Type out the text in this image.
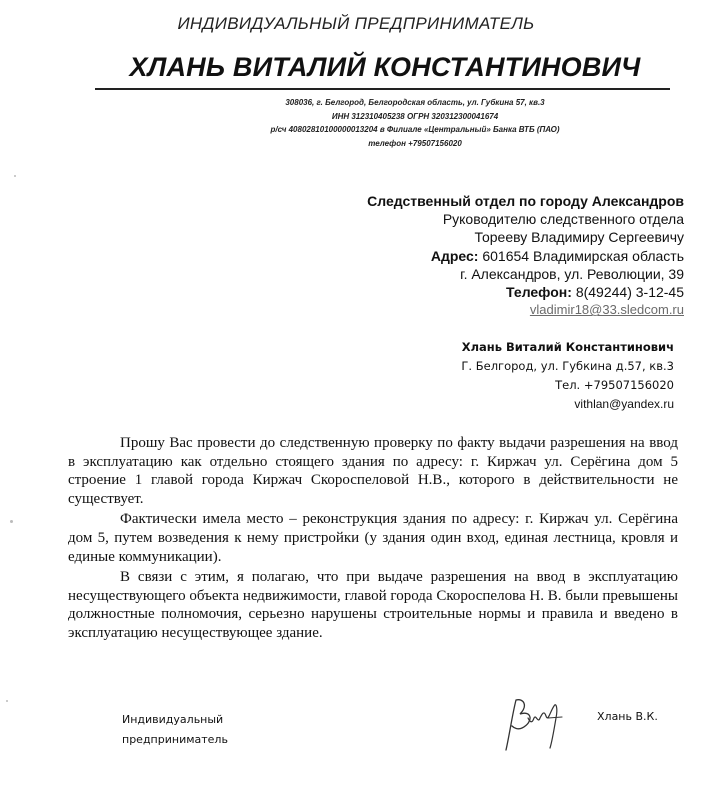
ИНДИВИДУАЛЬНЫЙ ПРЕДПРИНИМАТЕЛЬ
ХЛАНЬ ВИТАЛИЙ КОНСТАНТИНОВИЧ
308036, г. Белгород, Белгородская область, ул. Губкина 57, кв.3
ИНН 312310405238 ОГРН 320312300041674
р/сч 40802810100000013204 в Филиале «Центральный» Банка ВТБ (ПАО)
телефон +79507156020
Следственный отдел по городу Александров
Руководителю следственного отдела
Тореeву Владимиру Сергеевичу
Адрес: 601654 Владимирская область
г. Александров, ул. Революции, 39
Телефон: 8(49244) 3-12-45
vladimir18@33.sledcom.ru
Хлань Виталий Константинович
Г. Белгород, ул. Губкина д.57, кв.3
Тел. +79507156020
vithlan@yandex.ru

Прошу Вас провести до следственную проверку по факту выдачи разрешения на ввод в эксплуатацию как отдельно стоящего здания по адресу: г. Киржач ул. Серёгина дом 5 строение 1 главой города Киржач Скороспеловой Н.В., которого в действительности не существует.

Фактически имела место – реконструкция здания по адресу: г. Киржач ул. Серёгина дом 5, путем возведения к нему пристройки (у здания один вход, единая лестница, кровля и единые коммуникации).

В связи с этим, я полагаю, что при выдаче разрешения на ввод в эксплуатацию несуществующего объекта недвижимости, главой города Скороспелова Н. В. были превышены должностные полномочия, серьезно нарушены строительные нормы и правила и введено в эксплуатацию несуществующее здание.

Индивидуальный
предприниматель
Хлань В.К.
